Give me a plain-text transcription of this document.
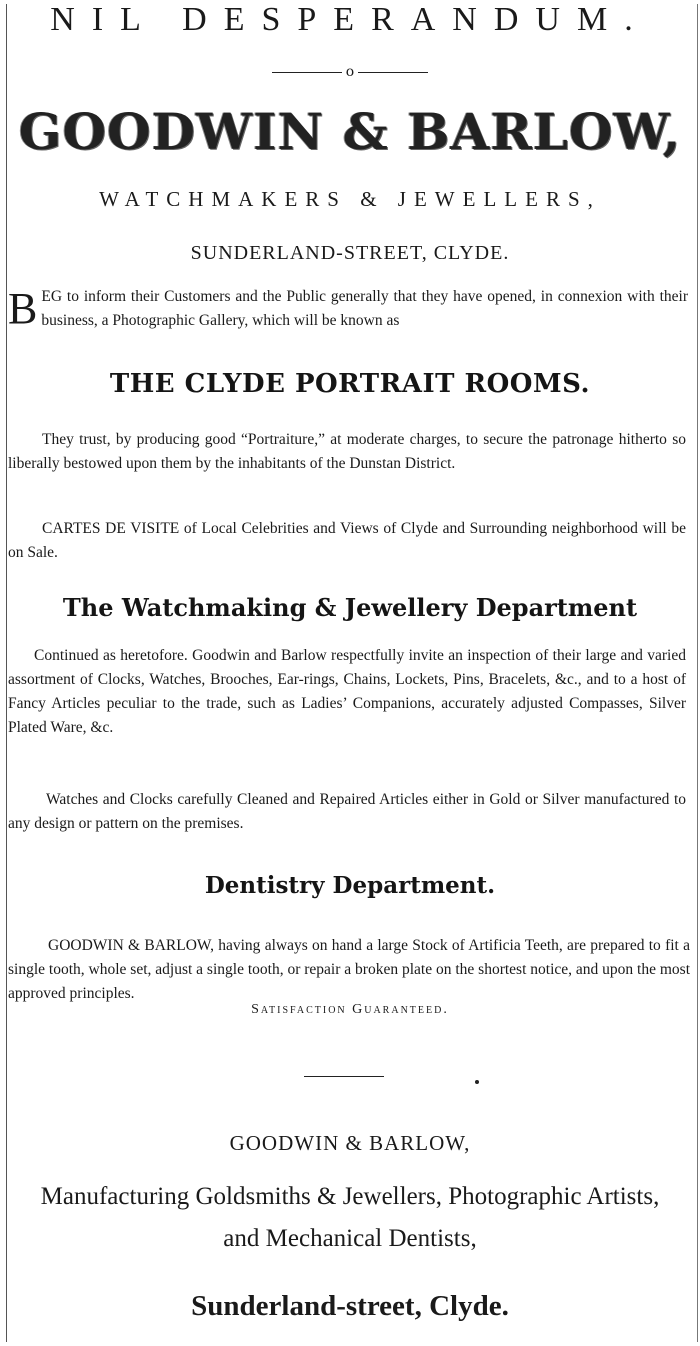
NIL DESPERANDUM.
o
GOODWIN & BARLOW,
WATCHMAKERS & JEWELLERS,
SUNDERLAND-STREET, CLYDE.
B EG to inform their Customers and the Public generally that they have opened, in connexion with their business, a Photographic Gallery, which will be known as
THE CLYDE PORTRAIT ROOMS.
They trust, by producing good “Portraiture,” at moderate charges, to secure the patronage hitherto so liberally bestowed upon them by the inhabitants of the Dunstan District.
CARTES DE VISITE of Local Celebrities and Views of Clyde and Surrounding neighborhood will be on Sale.
The Watchmaking & Jewellery Department
Continued as heretofore. Goodwin and Barlow respectfully invite an inspection of their large and varied assortment of Clocks, Watches, Brooches, Ear-rings, Chains, Lockets, Pins, Bracelets, &c., and to a host of Fancy Articles peculiar to the trade, such as Ladies’ Companions, accurately adjusted Compasses, Silver Plated Ware, &c.
Watches and Clocks carefully Cleaned and Repaired Articles either in Gold or Silver manufactured to any design or pattern on the premises.
Dentistry Department.
GOODWIN & BARLOW, having always on hand a large Stock of Artificia Teeth, are prepared to fit a single tooth, whole set, adjust a single tooth, or repair a broken plate on the shortest notice, and upon the most approved principles.
Satisfaction Guaranteed.
GOODWIN & BARLOW,
Manufacturing Goldsmiths & Jewellers, Photographic Artists,
and Mechanical Dentists,
Sunderland-street, Clyde.
